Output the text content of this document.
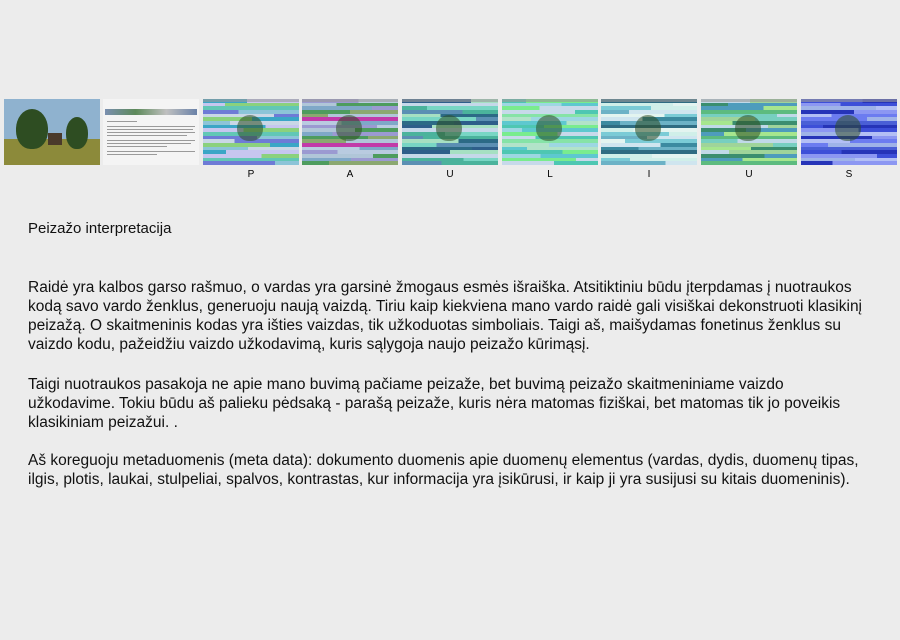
P	A	U	L	I	U	S
Peizažo interpretacija

Raidė yra kalbos garso rašmuo, o vardas yra garsinė žmogaus esmės išraiška. Atsitiktiniu būdu įterpdamas į nuotraukos kodą savo vardo ženklus, generuoju naują vaizdą. Tiriu kaip kiekviena mano vardo raidė gali visiškai dekonstruoti klasikinį peizažą. O skaitmeninis kodas yra išties vaizdas, tik užkoduotas simboliais. Taigi aš, maišydamas fonetinus ženklus su vaizdo kodu, pažeidžiu vaizdo užkodavimą, kuris sąlygoja naujo peizažo kūrimąsį.

Taigi nuotraukos pasakoja ne apie mano buvimą pačiame peizaže, bet buvimą peizažo skaitmeniniame vaizdo užkodavime. Tokiu būdu aš palieku pėdsaką - parašą peizaže, kuris nėra matomas fiziškai, bet matomas tik jo poveikis klasikiniam peizažui. .

Aš koreguoju metaduomenis (meta data): dokumento duomenis apie duomenų elementus (vardas, dydis, duomenų tipas, ilgis, plotis, laukai, stulpeliai, spalvos, kontrastas, kur informacija yra įsikūrusi, ir kaip ji yra susijusi su kitais duomeninis).
